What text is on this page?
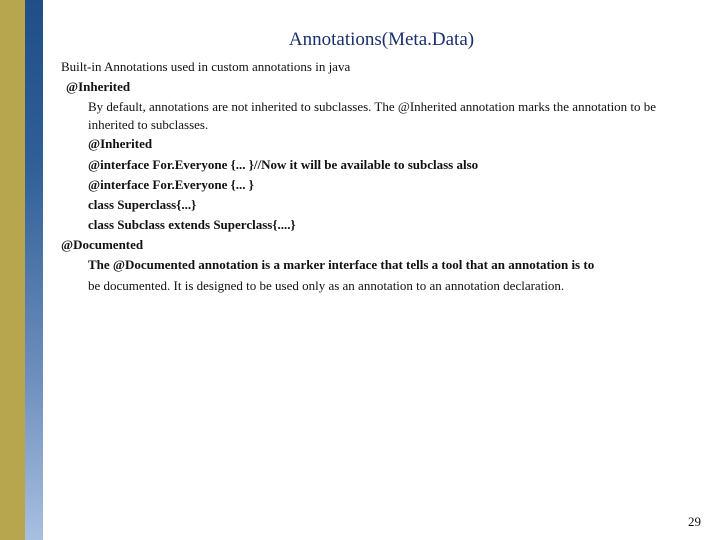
Annotations(Meta.Data)
Built-in Annotations used in custom annotations in java
@Inherited
By default, annotations are not inherited to subclasses. The @Inherited annotation marks the annotation to be inherited to subclasses.
@Inherited
@interface For.Everyone {... }//Now it will be available to subclass also
@interface For.Everyone {... }
class Superclass{...}
class Subclass extends Superclass{....}
@Documented
The @Documented annotation is a marker interface that tells a tool that an annotation is to
be documented. It is designed to be used only as an annotation to an annotation declaration.
29
